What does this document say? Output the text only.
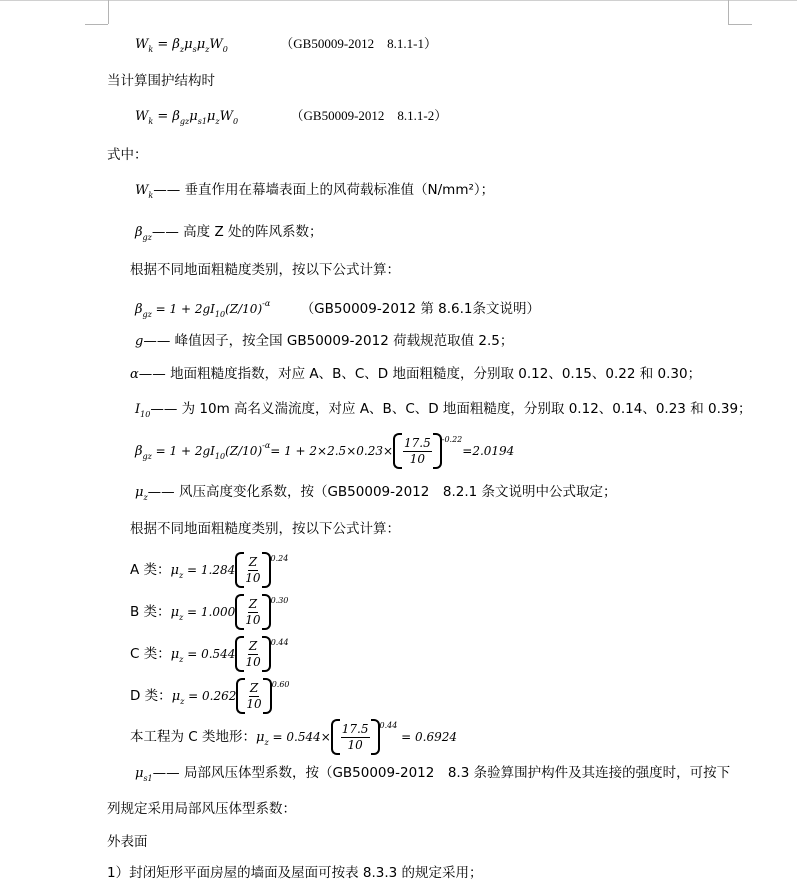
$W_k = \beta_z\mu_s\mu_zW_0$	（GB50009-2012　8.1.1-1）
当计算围护结构时
$W_k = \beta_{gz}\mu_{s1}\mu_zW_0$	（GB50009-2012　8.1.1-2）
式中：
$W_k——$ 垂直作用在幕墙表面上的风荷载标准值（N/mm²）；
$\beta_{gz}——$ 高度 Z 处的阵风系数；
根据不同地面粗糙度类别，按以下公式计算：
$\beta_{gz} = 1 + 2gI_{10}(Z/10)^{-\alpha}$ （GB50009-2012 第 8.6.1条文说明）
g—— 峰值因子，按全国 GB50009-2012 荷载规范取值 2.5；
α—— 地面粗糙度指数，对应 A、B、C、D 地面粗糙度，分别取 0.12、0.15、0.22 和 0.30；
$I_{10}——$ 为 10m 高名义湍流度，对应 A、B、C、D 地面粗糙度，分别取 0.12、0.14、0.23 和 0.39；
$\beta_{gz} = 1 + 2gI_{10}(Z/10)^{-\alpha}= 1 + 2\times 2.5\times 0.23\times$
17.5
10
-0.22
=2.0194
$\mu_z——$ 风压高度变化系数，按（GB50009-2012　8.2.1 条文说明中公式取定；
根据不同地面粗糙度类别，按以下公式计算：
A 类：$\mu_z = 1.284$
Z
10
0.24
B 类：$\mu_z = 1.000$
Z
10
0.30
C 类：$\mu_z = 0.544$
Z
10
0.44
D 类：$\mu_z = 0.262$
Z
10
0.60
本工程为 C 类地形：$\mu_z = 0.544\times$
17.5
10
0.44
= 0.6924
$\mu_{s1}——$ 局部风压体型系数，按（GB50009-2012　8.3 条验算围护构件及其连接的强度时，可按下
列规定采用局部风压体型系数：
外表面
1）封闭矩形平面房屋的墙面及屋面可按表 8.3.3 的规定采用；
